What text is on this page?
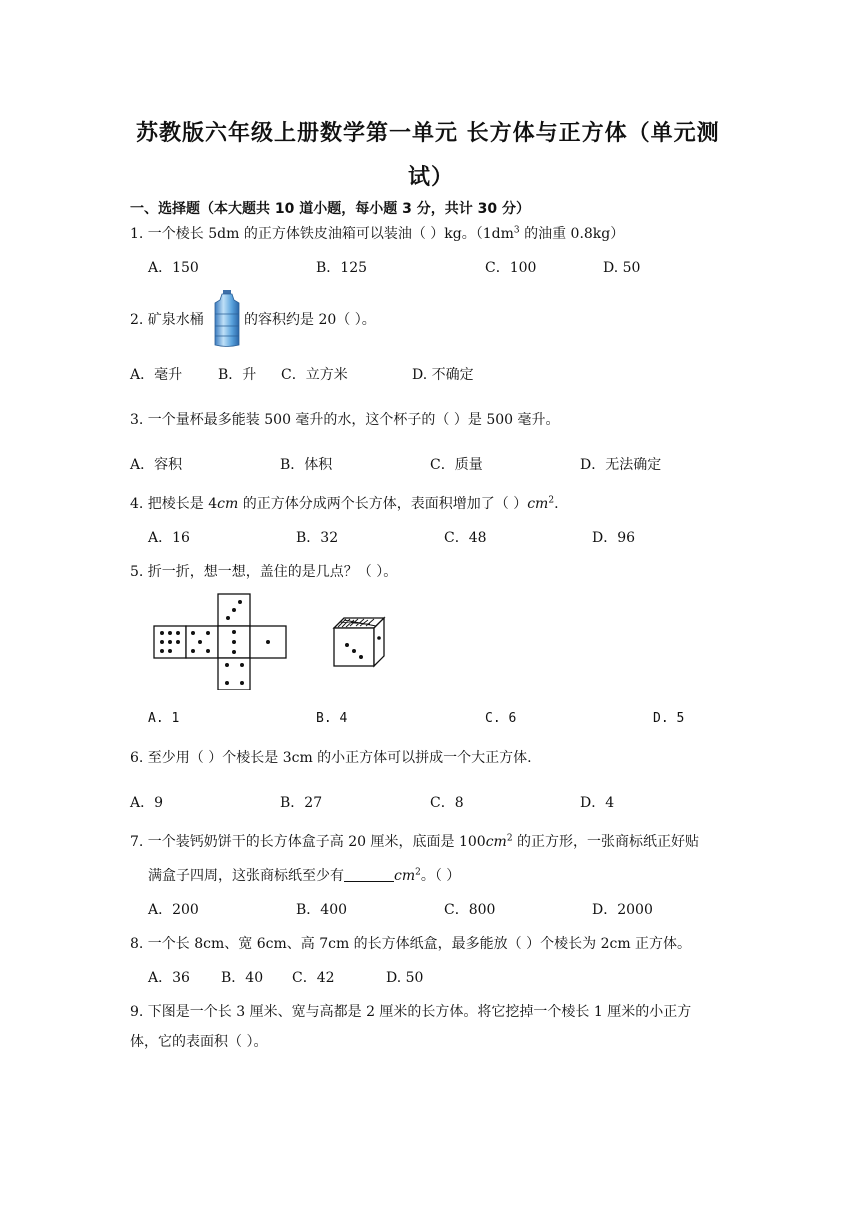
苏教版六年级上册数学第一单元 长方体与正方体（单元测
试）
一、选择题（本大题共 10 道小题，每小题 3 分，共计 30 分）
1. 一个棱长 5dm 的正方体铁皮油箱可以装油（ ）kg。（$1dm^3$ 的油重 0.8kg）
A．150	B．125	C．100	D. 50
2. 矿泉水桶	的容积约是 20（ ）。
A．毫升	B．升 C．立方米	D. 不确定
3. 一个量杯最多能装 500 毫升的水，这个杯子的（ ）是 500 毫升。
A．容积	B．体积	C．质量	D．无法确定
4. 把棱长是 4cm 的正方体分成两个长方体，表面积增加了（ ）$cm^2$.
A．16	B．32	C．48	D．96
5. 折一折，想一想，盖住的是几点？（ ）。
A. 1	B. 4	C. 6	D. 5
6. 至少用（ ）个棱长是 3cm 的小正方体可以拼成一个大正方体.
A．9	B．27	C．8	D．4
7. 一个装钙奶饼干的长方体盒子高 20 厘米，底面是 $100cm^2$ 的正方形，一张商标纸正好贴
满盒子四周，这张商标纸至少有	$cm^2$。（ ）
A．200	B．400	C．800	D．2000
8. 一个长 8cm、宽 6cm、高 7cm 的长方体纸盒，最多能放（ ）个棱长为 2cm 正方体。
A．36 B．40 C．42	D. 50
9. 下图是一个长 3 厘米、宽与高都是 2 厘米的长方体。将它挖掉一个棱长 1 厘米的小正方
体，它的表面积（ ）。
